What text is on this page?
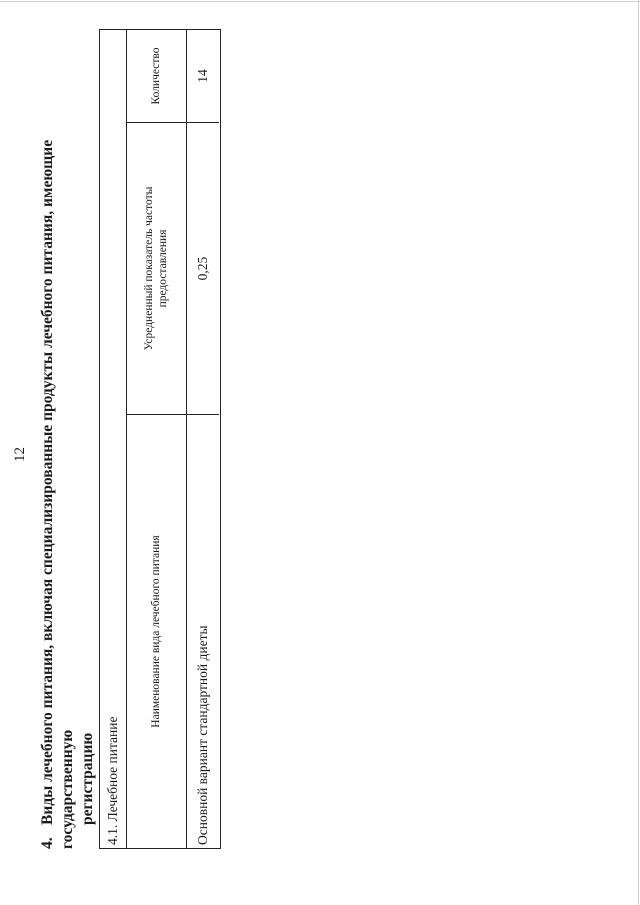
12
4.Виды лечебного питания, включая специализированные продукты лечебного питания, имеющие государственную регистрацию 4.1. Лечебное питание
Наименование вида лечебного питания
Усредненный показатель частоты предоставления
Количество
Основной вариант стандартной диеты
0,25
14
